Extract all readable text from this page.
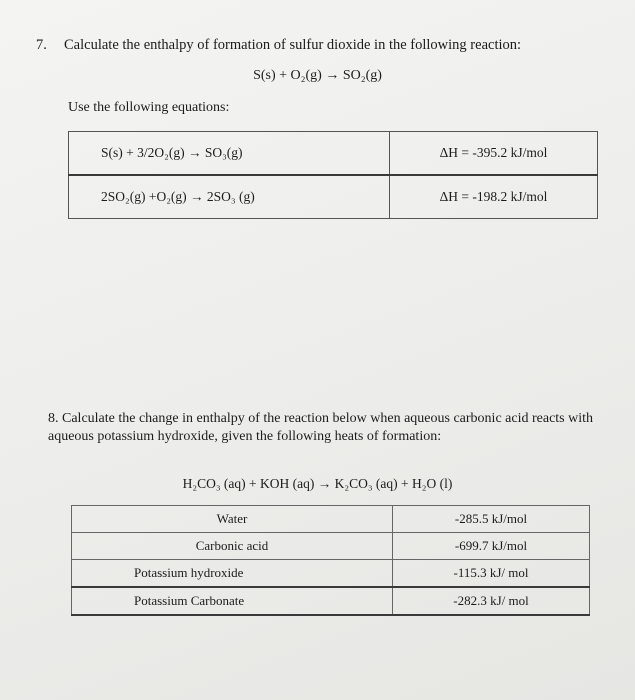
7. Calculate the enthalpy of formation of sulfur dioxide in the following reaction:
S(s) + O₂(g) → SO₂(g)
Use the following equations:
S(s) + 3/2O₂(g) → SO₃(g)	ΔH = -395.2 kJ/mol
2SO₂(g) +O₂(g) → 2SO₃ (g)	ΔH = -198.2 kJ/mol
8. Calculate the change in enthalpy of the reaction below when aqueous carbonic acid reacts with aqueous potassium hydroxide, given the following heats of formation:
H₂CO₃ (aq) + KOH (aq) → K₂CO₃ (aq) + H₂O (l)
Water	-285.5 kJ/mol
Carbonic acid	-699.7 kJ/mol
Potassium hydroxide	-115.3 kJ/ mol
Potassium Carbonate	-282.3 kJ/ mol
